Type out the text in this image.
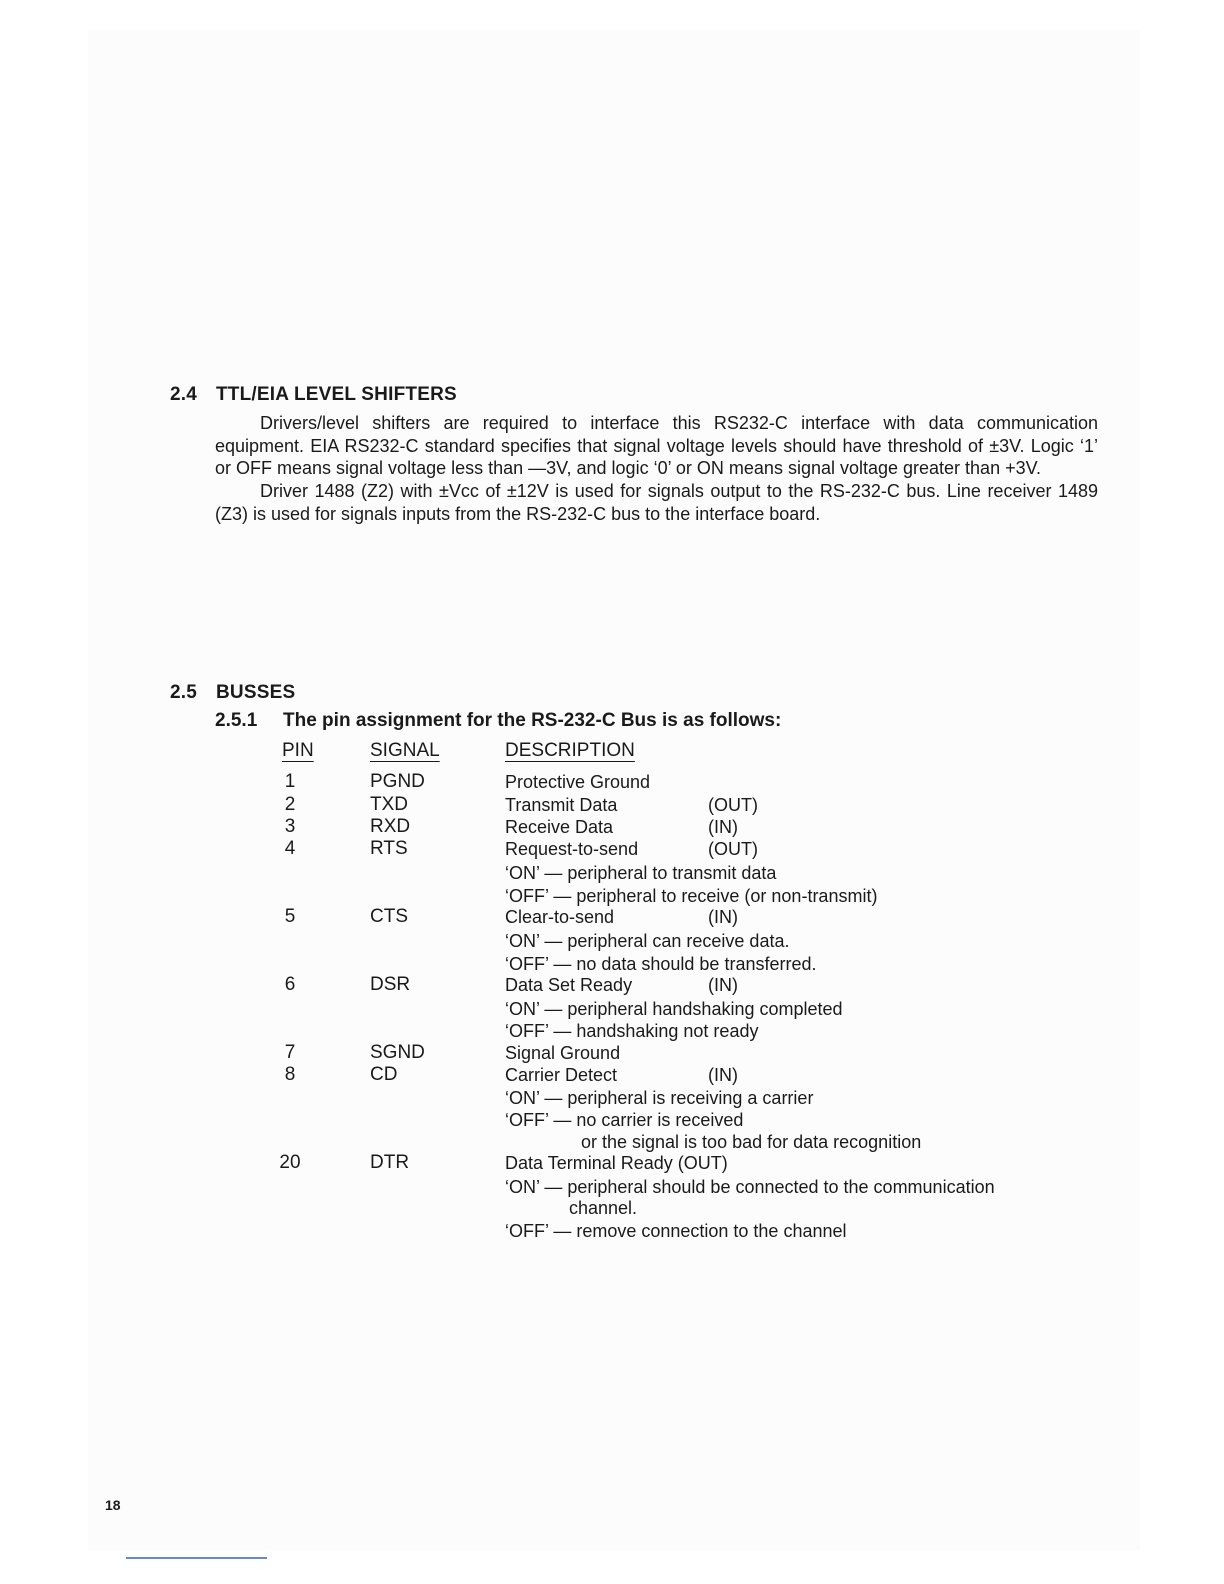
2.4 TTL/EIA LEVEL SHIFTERS

Drivers/level shifters are required to interface this RS232-C interface with data communication equipment. EIA RS232-C standard specifies that signal voltage levels should have threshold of ±3V. Logic ‘1’ or OFF means signal voltage less than —3V, and logic ‘0’ or ON means signal voltage greater than +3V.

Driver 1488 (Z2) with ±Vcc of ±12V is used for signals output to the RS-232-C bus. Line receiver 1489 (Z3) is used for signals inputs from the RS-232-C bus to the interface board.

2.5 BUSSES
2.5.1 The pin assignment for the RS-232-C Bus is as follows:
PIN	SIGNAL	DESCRIPTION
1	PGND	Protective Ground
2	TXD	Transmit Data	(OUT)
3	RXD	Receive Data	(IN)
4	RTS	Request-to-send	(OUT)
‘ON’ — peripheral to transmit data
‘OFF’ — peripheral to receive (or non-transmit)
5	CTS	Clear-to-send	(IN)
‘ON’ — peripheral can receive data.
‘OFF’ — no data should be transferred.
6	DSR	Data Set Ready	(IN)
‘ON’ — peripheral handshaking completed
‘OFF’ — handshaking not ready
7	SGND	Signal Ground
8	CD	Carrier Detect	(IN)
‘ON’ — peripheral is receiving a carrier
‘OFF’ — no carrier is received
or the signal is too bad for data recognition
20	DTR	Data Terminal Ready (OUT)
‘ON’ — peripheral should be connected to the communication
channel.
‘OFF’ — remove connection to the channel
18
